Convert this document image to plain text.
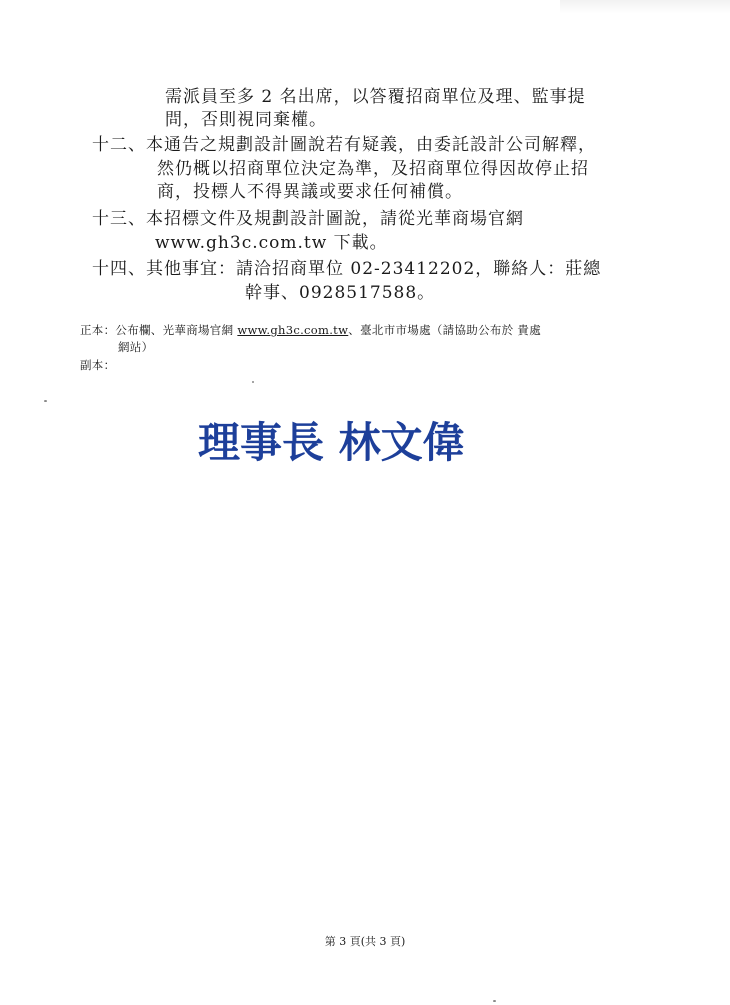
需派員至多 2 名出席，以答覆招商單位及理、監事提
問，否則視同棄權。
十二、本通告之規劃設計圖說若有疑義，由委託設計公司解釋，
然仍概以招商單位決定為準，及招商單位得因故停止招
商，投標人不得異議或要求任何補償。
十三、本招標文件及規劃設計圖說，請從光華商場官網
www.gh3c.com.tw 下載。
十四、其他事宜：請洽招商單位 02-23412202，聯絡人：莊總
幹事、0928517588。
正本：公布欄、光華商場官網 www.gh3c.com.tw、臺北市市場處（請協助公布於 貴處
網站）
副本：
理事長 林文偉
第 3 頁(共 3 頁)
